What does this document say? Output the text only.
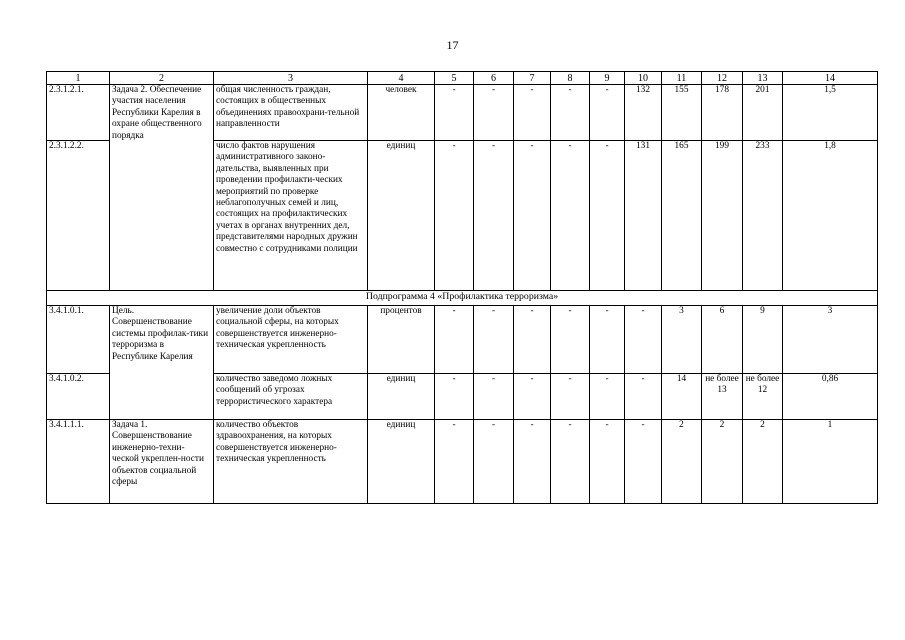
17
1	2	3	4	5	6	7	8	9	10	11	12	13	14
2.3.1.2.1.	Задача 2. Обеспечение участия населения Республики Карелия в охране общественного порядка	общая численность граждан, состоящих в общественных объединениях правоохрани-тельной направленности	человек	-	-	-	-	-	132	155	178	201	1,5
2.3.1.2.2.		число фактов нарушения административного законо-дательства, выявленных при проведении профилакти-ческих мероприятий по проверке неблагополучных семей и лиц, состоящих на профилактических учетах в органах внутренних дел, представителями народных дружин совместно с сотрудниками полиции	единиц	-	-	-	-	-	131	165	199	233	1,8
Подпрограмма 4 «Профилактика терроризма»													
3.4.1.0.1.	Цель. Совершенствование системы профилак-тики терроризма в Республике Карелия	увеличение доли объектов социальной сферы, на которых совершенствуется инженерно-техническая укрепленность	процентов	-	-	-	-	-	-	3	6	9	3
3.4.1.0.2.		количество заведомо ложных сообщений об угрозах террористического характера	единиц	-	-	-	-	-	-	14	не более 13	не более 12	0,86
3.4.1.1.1.	Задача 1. Совершенствование инженерно-техни-ческой укреплен-ности объектов социальной сферы	количество объектов здравоохранения, на которых совершенствуется инженерно-техническая укрепленность	единиц	-	-	-	-	-	-	2	2	2	1
